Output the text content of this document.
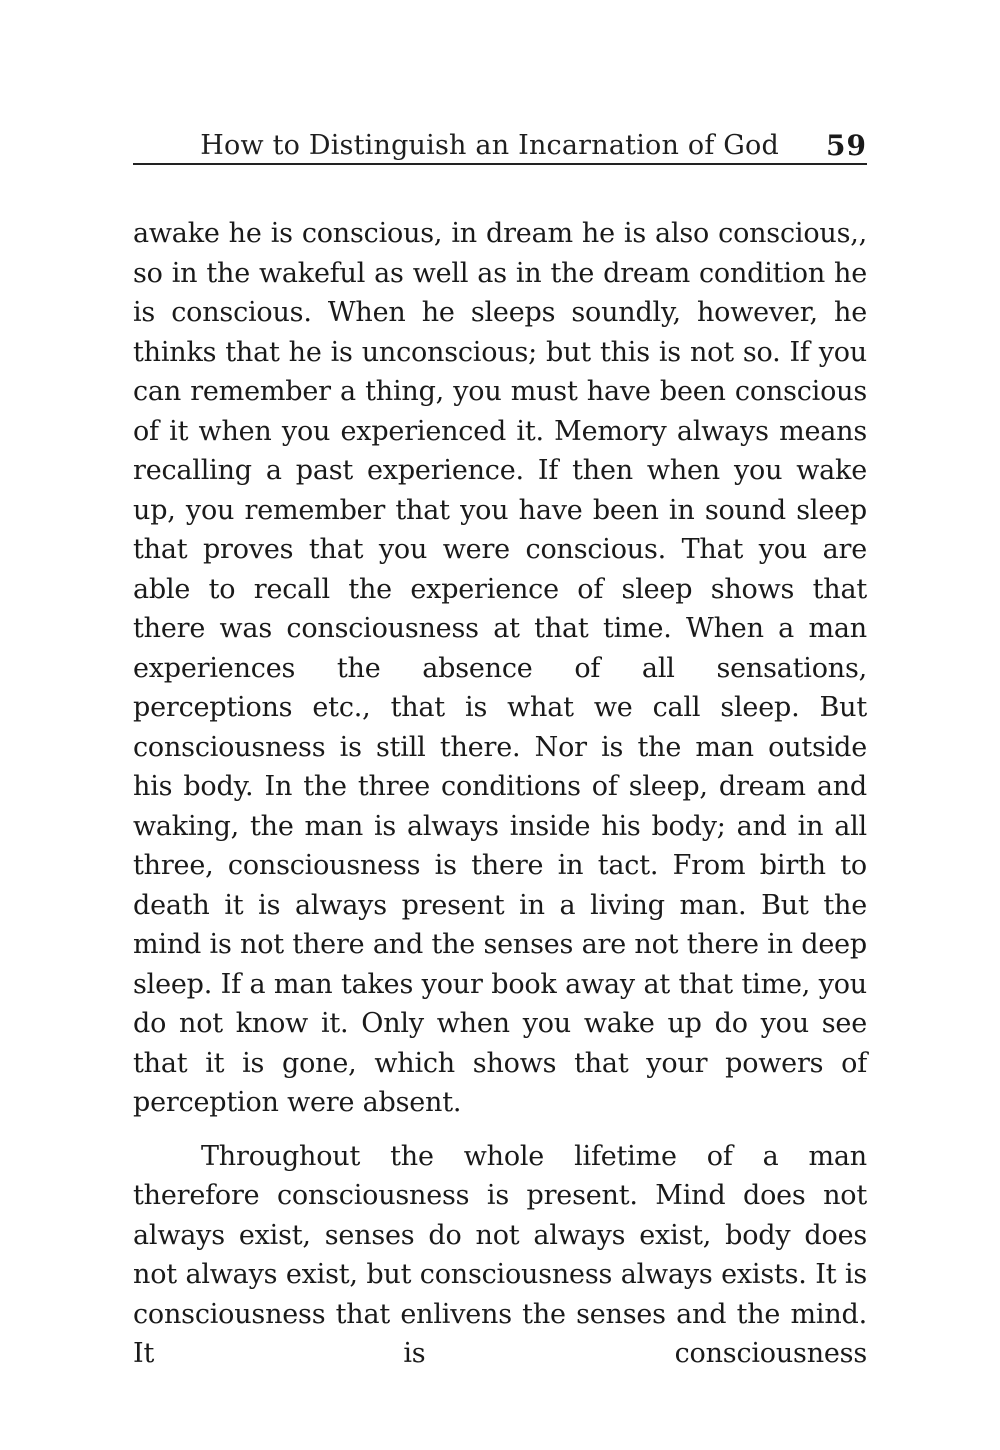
How to Distinguish an Incarnation of God 59

awake he is conscious, in dream he is also conscious,, so in the wakeful as well as in the dream condition he is conscious. When he sleeps soundly, however, he thinks that he is unconscious; but this is not so. If you can remember a thing, you must have been conscious of it when you experienced it. Memory always means recalling a past experience. If then when you wake up, you remember that you have been in sound sleep that proves that you were conscious. That you are able to recall the experience of sleep shows that there was consciousness at that time. When a man experiences the absence of all sensations, perceptions etc., that is what we call sleep. But consciousness is still there. Nor is the man outside his body. In the three conditions of sleep, dream and waking, the man is always inside his body; and in all three, consciousness is there in tact. From birth to death it is always present in a living man. But the mind is not there and the senses are not there in deep sleep. If a man takes your book away at that time, you do not know it. Only when you wake up do you see that it is gone, which shows that your powers of perception were absent.

Throughout the whole lifetime of a man therefore consciousness is present. Mind does not always exist, senses do not always exist, body does not always exist, but consciousness always exists. It is consciousness that enlivens the senses and the mind. It is consciousness
